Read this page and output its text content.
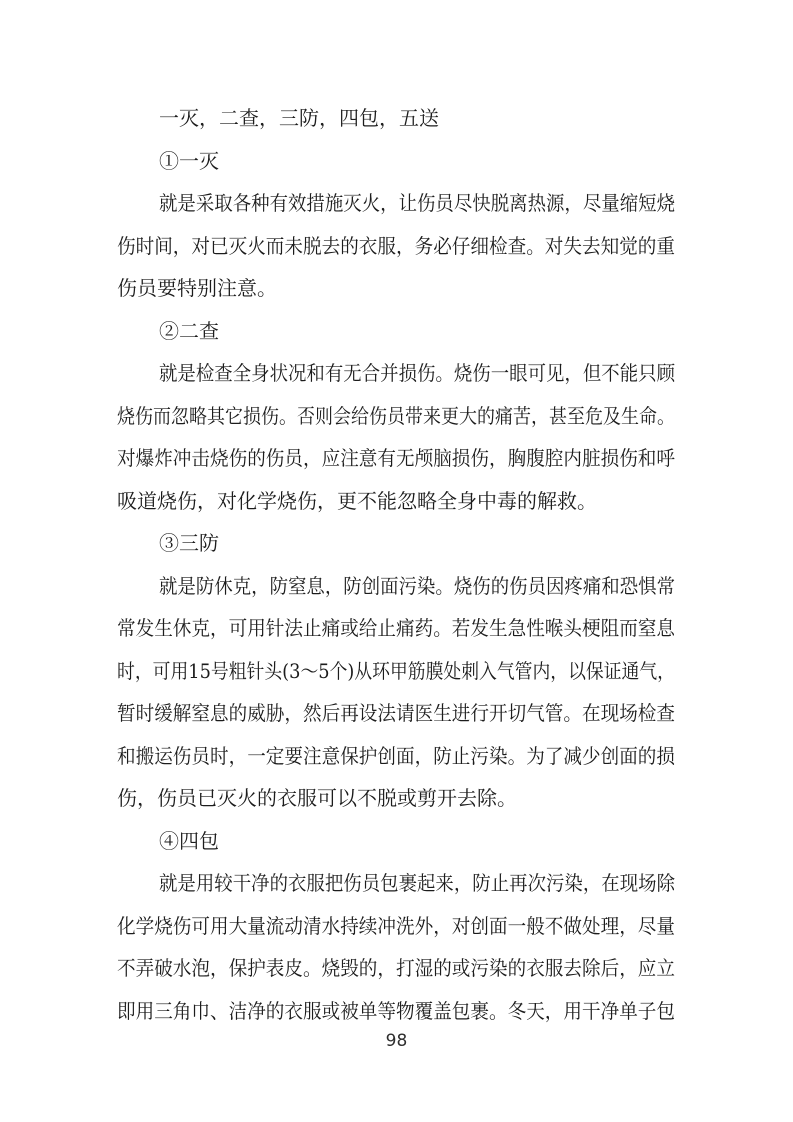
一灭，二查，三防，四包，五送
①一灭
就是采取各种有效措施灭火，让伤员尽快脱离热源，尽量缩短烧
伤时间，对已灭火而未脱去的衣服，务必仔细检查。对失去知觉的重
伤员要特别注意。
②二查
就是检查全身状况和有无合并损伤。烧伤一眼可见，但不能只顾
烧伤而忽略其它损伤。否则会给伤员带来更大的痛苦，甚至危及生命。
对爆炸冲击烧伤的伤员，应注意有无颅脑损伤，胸腹腔内脏损伤和呼
吸道烧伤，对化学烧伤，更不能忽略全身中毒的解救。
③三防
就是防休克，防窒息，防创面污染。烧伤的伤员因疼痛和恐惧常
常发生休克，可用针法止痛或给止痛药。若发生急性喉头梗阻而窒息
时，可用15号粗针头(3～5个)从环甲筋膜处刺入气管内，以保证通气，
暂时缓解窒息的威胁，然后再设法请医生进行开切气管。在现场检查
和搬运伤员时，一定要注意保护创面，防止污染。为了减少创面的损
伤，伤员已灭火的衣服可以不脱或剪开去除。
④四包
就是用较干净的衣服把伤员包裹起来，防止再次污染，在现场除
化学烧伤可用大量流动清水持续冲洗外，对创面一般不做处理，尽量
不弄破水泡，保护表皮。烧毁的，打湿的或污染的衣服去除后，应立
即用三角巾、洁净的衣服或被单等物覆盖包裹。冬天，用干净单子包
98
